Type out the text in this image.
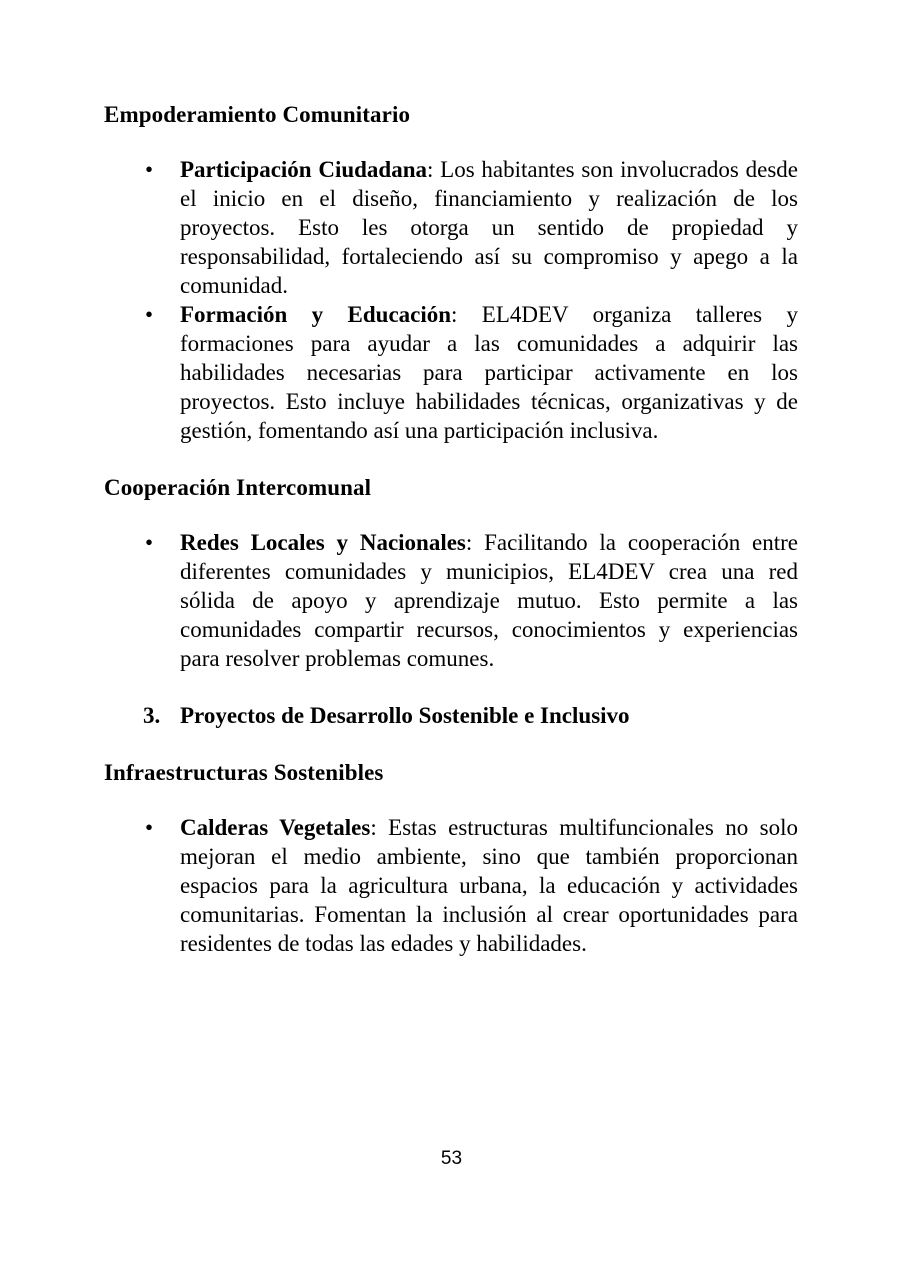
Empoderamiento Comunitario
• Participación Ciudadana: Los habitantes son involucrados desde el inicio en el diseño, financiamiento y realización de los proyectos. Esto les otorga un sentido de propiedad y responsabilidad, fortaleciendo así su compromiso y apego a la comunidad.
• Formación y Educación: EL4DEV organiza talleres y formaciones para ayudar a las comunidades a adquirir las habilidades necesarias para participar activamente en los proyectos. Esto incluye habilidades técnicas, organizativas y de gestión, fomentando así una participación inclusiva.
Cooperación Intercomunal
• Redes Locales y Nacionales: Facilitando la cooperación entre diferentes comunidades y municipios, EL4DEV crea una red sólida de apoyo y aprendizaje mutuo. Esto permite a las comunidades compartir recursos, conocimientos y experiencias para resolver problemas comunes.
3. Proyectos de Desarrollo Sostenible e Inclusivo
Infraestructuras Sostenibles
• Calderas Vegetales: Estas estructuras multifuncionales no solo mejoran el medio ambiente, sino que también proporcionan espacios para la agricultura urbana, la educación y actividades comunitarias. Fomentan la inclusión al crear oportunidades para residentes de todas las edades y habilidades.
53
